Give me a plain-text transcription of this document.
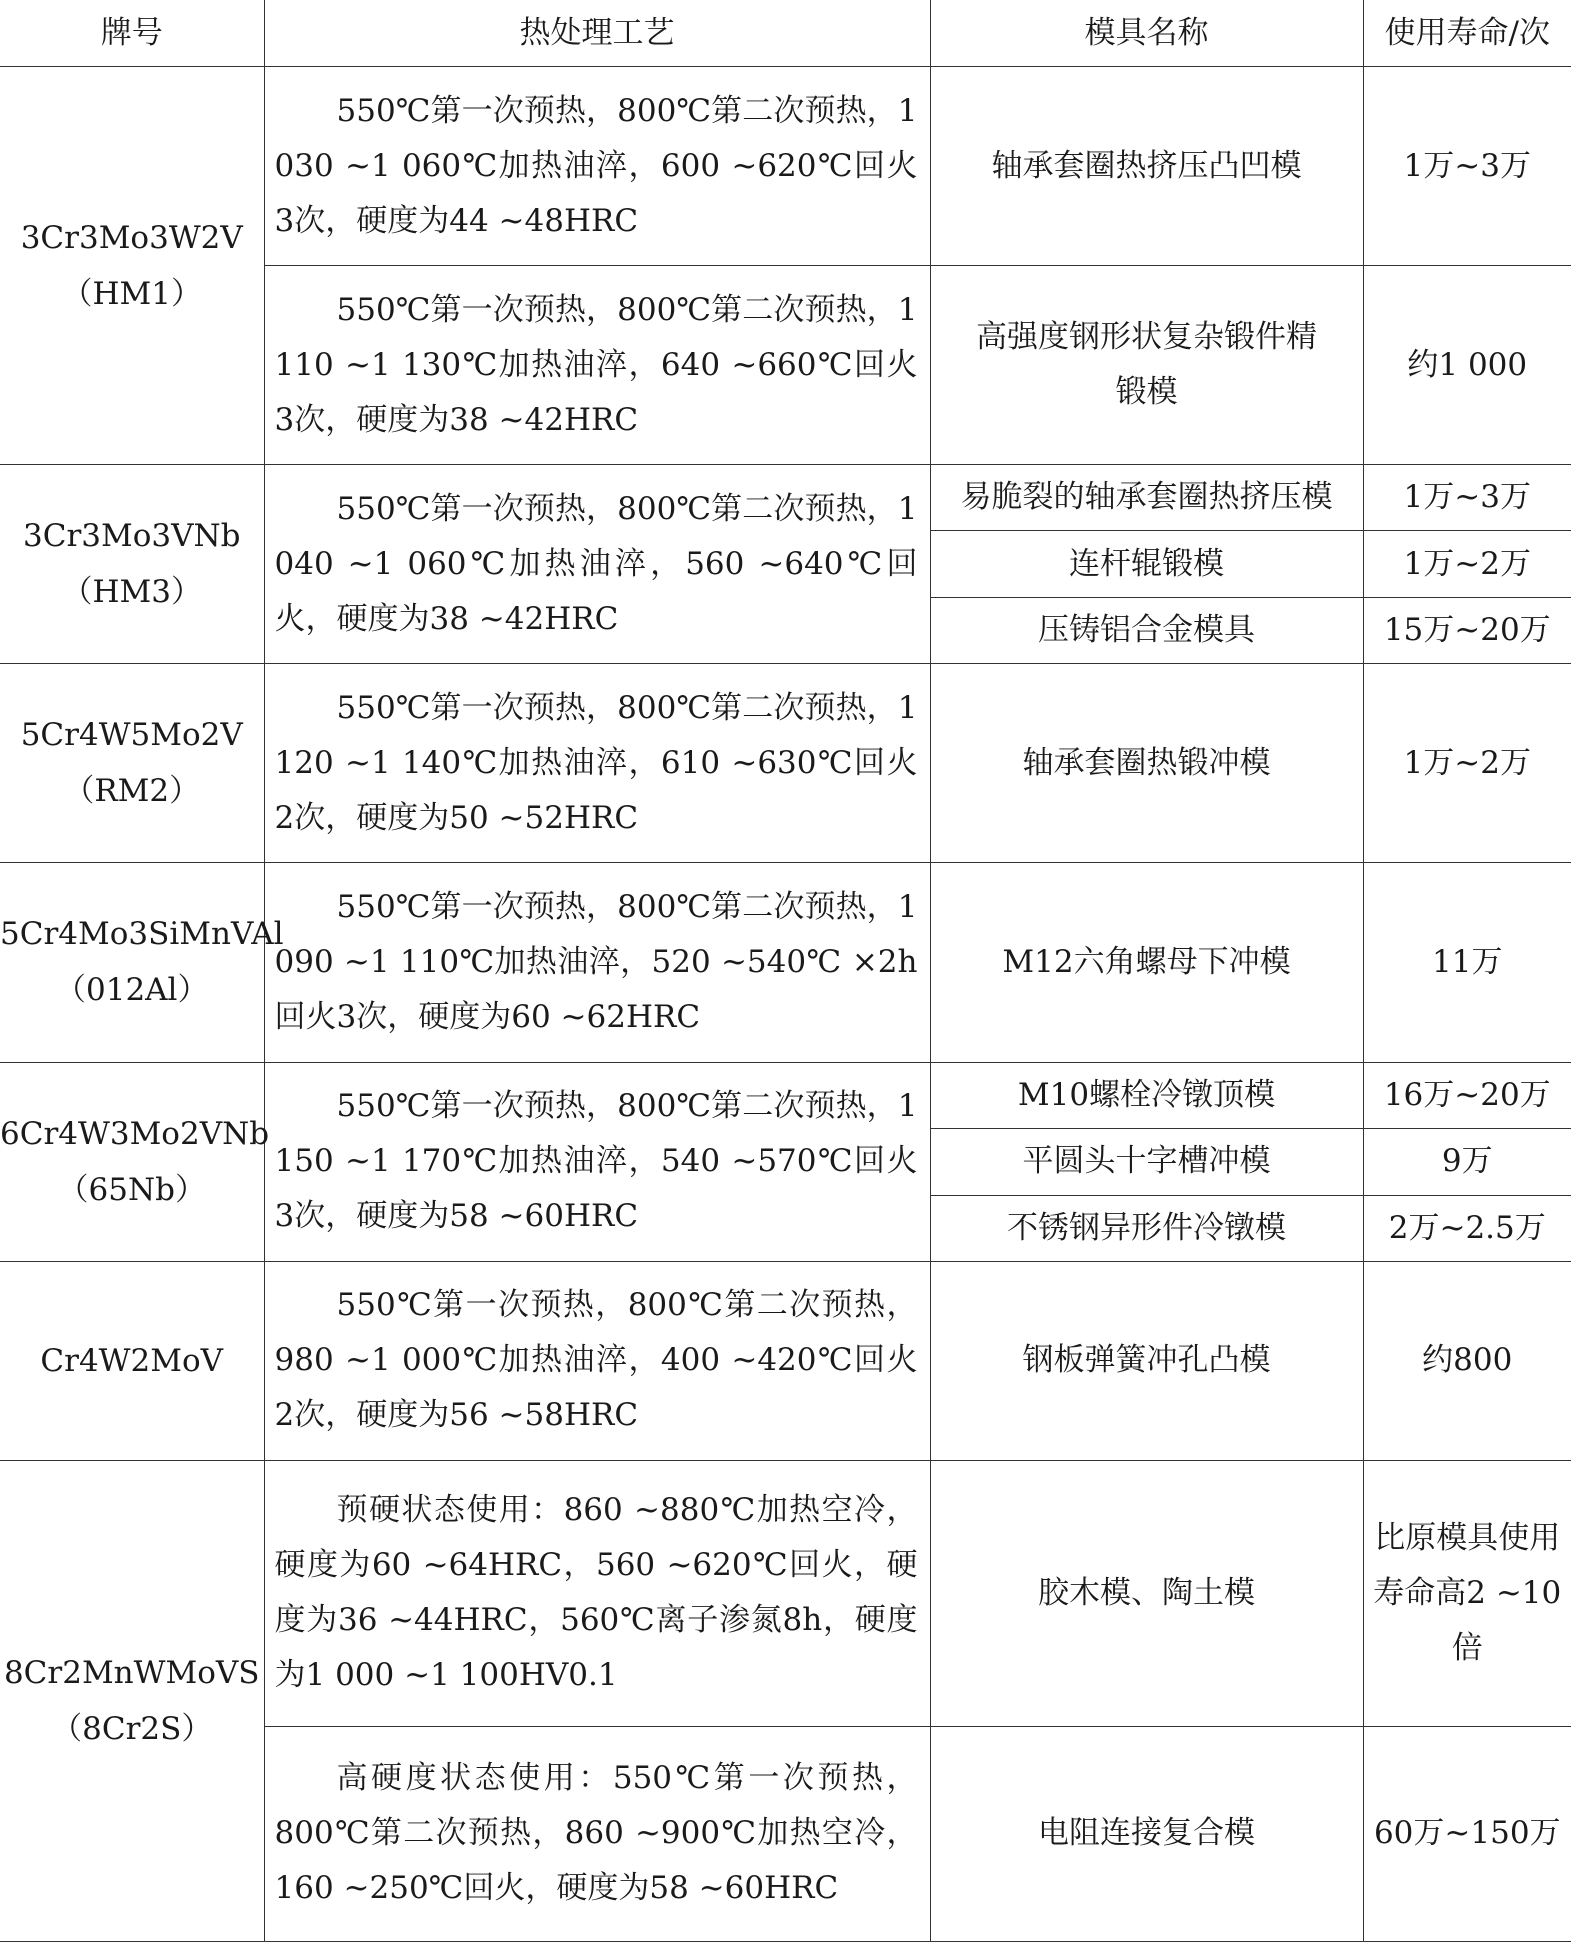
牌号	热处理工艺	模具名称	使用寿命/次

3Cr3Mo3W2V
（HM1）	550℃第一次预热，800℃第二次预热，1 030 ~1 060℃加热油淬，600 ~620℃回火3次，硬度为44 ~48HRC	轴承套圈热挤压凸凹模	1万~3万

	550℃第一次预热，800℃第二次预热，1 110 ~1 130℃加热油淬，640 ~660℃回火3次，硬度为38 ~42HRC	高强度钢形状复杂锻件精锻模	约1 000

3Cr3Mo3VNb
（HM3）	550℃第一次预热，800℃第二次预热，1 040 ~1 060℃加热油淬，560 ~640℃回火，硬度为38 ~42HRC	易脆裂的轴承套圈热挤压模	1万~3万
		连杆辊锻模	1万~2万
		压铸铝合金模具	15万~20万

5Cr4W5Mo2V
（RM2）	550℃第一次预热，800℃第二次预热，1 120 ~1 140℃加热油淬，610 ~630℃回火2次，硬度为50 ~52HRC	轴承套圈热锻冲模	1万~2万

5Cr4Mo3SiMnVAl
（012Al）	550℃第一次预热，800℃第二次预热，1 090 ~1 110℃加热油淬，520 ~540℃ ×2h回火3次，硬度为60 ~62HRC	M12六角螺母下冲模	11万

6Cr4W3Mo2VNb
（65Nb）	550℃第一次预热，800℃第二次预热，1 150 ~1 170℃加热油淬，540 ~570℃回火3次，硬度为58 ~60HRC	M10螺栓冷镦顶模	16万~20万
		平圆头十字槽冲模	9万
		不锈钢异形件冷镦模	2万~2.5万

Cr4W2MoV	550℃第一次预热，800℃第二次预热，980 ~1 000℃加热油淬，400 ~420℃回火2次，硬度为56 ~58HRC	钢板弹簧冲孔凸模	约800

8Cr2MnWMoVS
（8Cr2S）	预硬状态使用：860 ~880℃加热空冷，硬度为60 ~64HRC，560 ~620℃回火，硬度为36 ~44HRC，560℃离子渗氮8h，硬度为1 000 ~1 100HV0.1	胶木模、陶土模	比原模具使用寿命高2 ~10倍

	高硬度状态使用：550℃第一次预热，800℃第二次预热，860 ~900℃加热空冷，160 ~250℃回火，硬度为58 ~60HRC	电阻连接复合模	60万~150万
